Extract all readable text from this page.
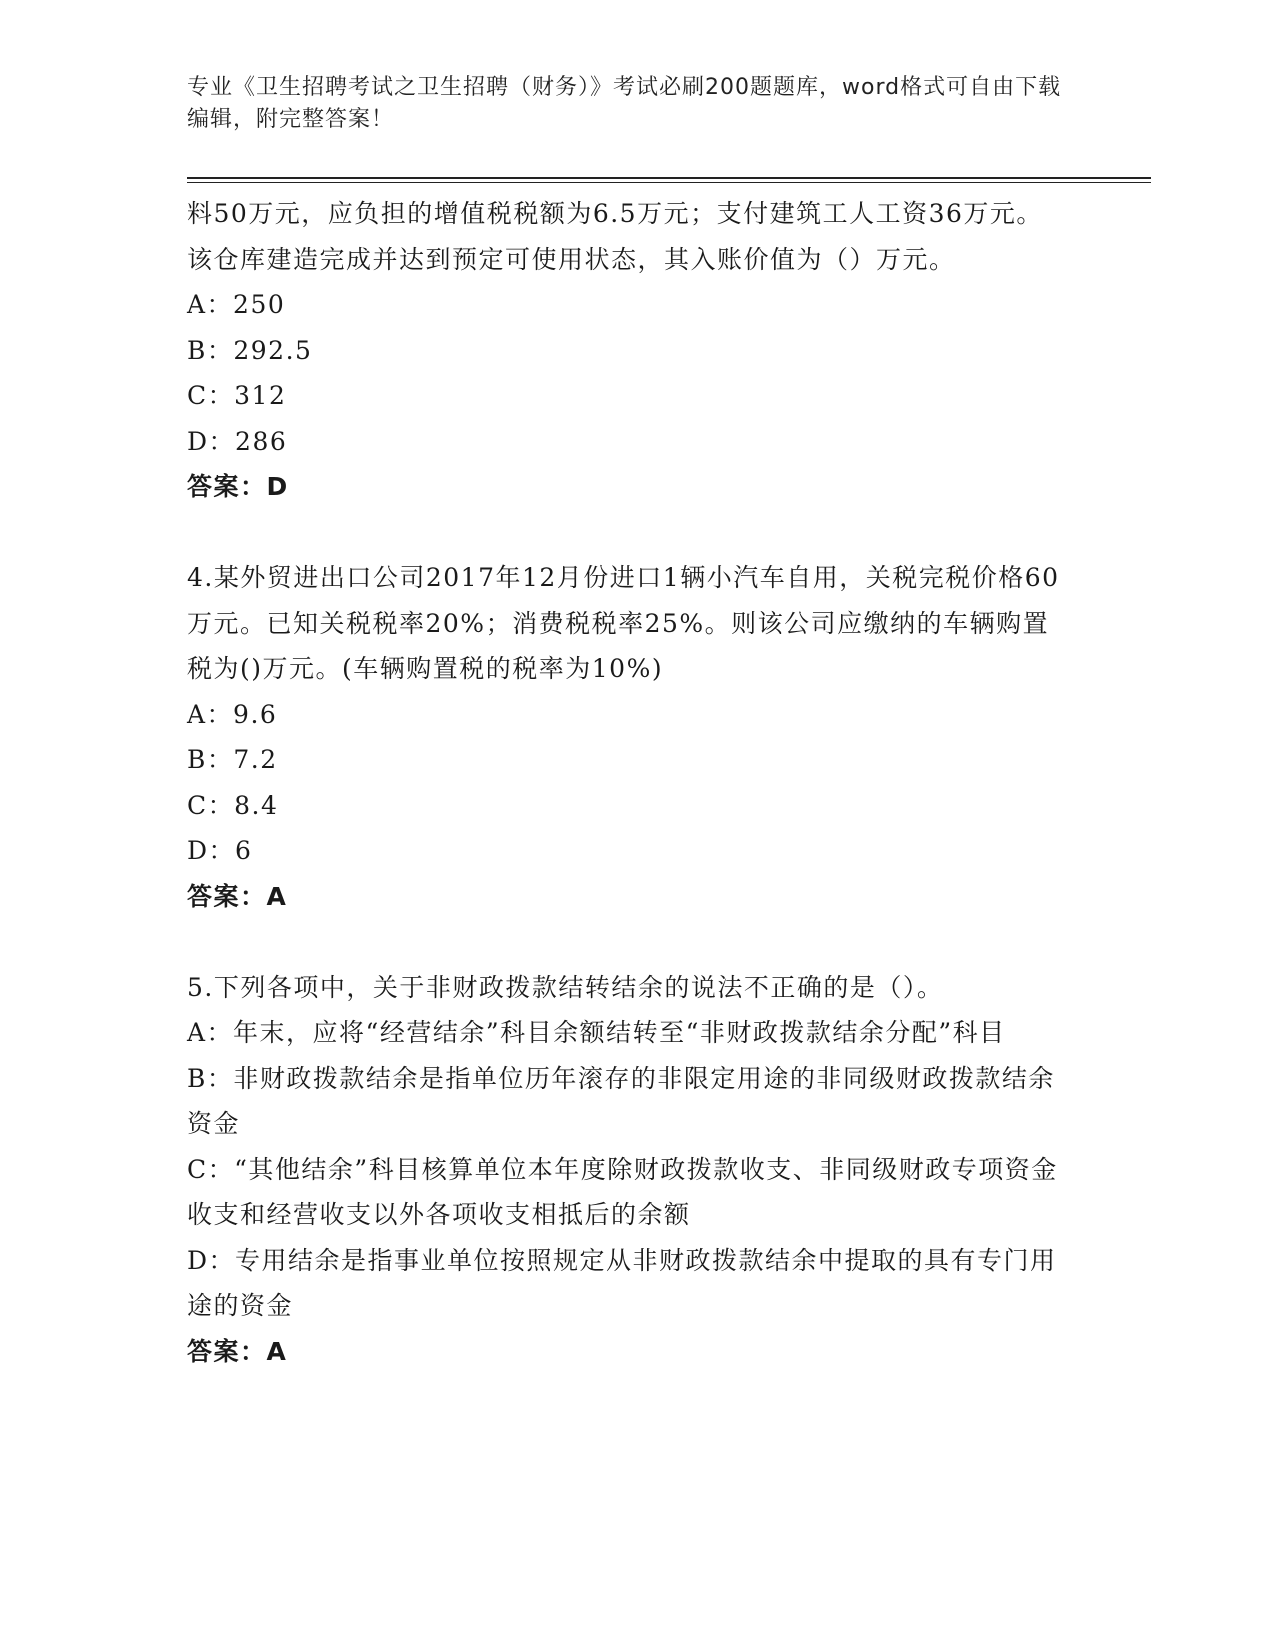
专业《卫生招聘考试之卫生招聘（财务）》考试必刷200题题库，word格式可自由下载编辑，附完整答案！

料50万元，应负担的增值税税额为6.5万元；支付建筑工人工资36万元。该仓库建造完成并达到预定可使用状态，其入账价值为（）万元。

A：250

B：292.5

C：312

D：286

答案：D

4.某外贸进出口公司2017年12月份进口1辆小汽车自用，关税完税价格60万元。已知关税税率20%；消费税税率25%。则该公司应缴纳的车辆购置税为()万元。(车辆购置税的税率为10%)

A：9.6

B：7.2

C：8.4

D：6

答案：A

5.下列各项中，关于非财政拨款结转结余的说法不正确的是（）。

A：年末，应将“经营结余”科目余额结转至“非财政拨款结余分配”科目

B：非财政拨款结余是指单位历年滚存的非限定用途的非同级财政拨款结余资金

C：“其他结余”科目核算单位本年度除财政拨款收支、非同级财政专项资金收支和经营收支以外各项收支相抵后的余额

D：专用结余是指事业单位按照规定从非财政拨款结余中提取的具有专门用途的资金

答案：A
